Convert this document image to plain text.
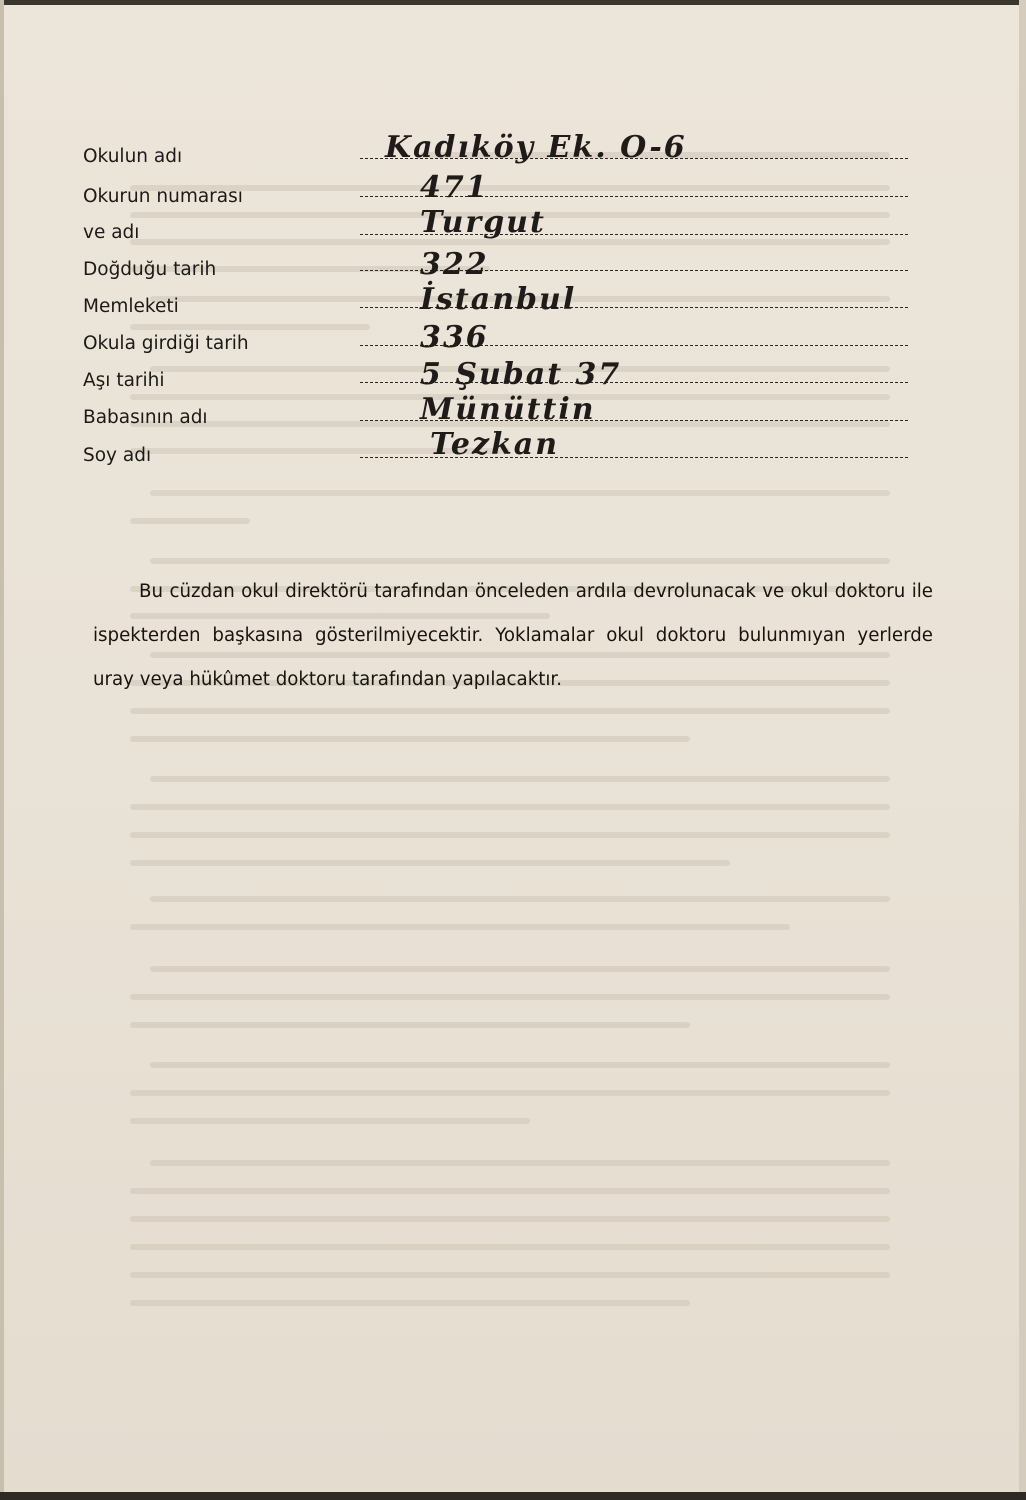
Okulun adı	Kadıköy Ek. O-6
Okurun numarası	471
ve adı	Turgut
Doğduğu tarih	322
Memleketi	İstanbul
Okula girdiği tarih	336
Aşı tarihi	5 Şubat 37
Babasının adı	Münüttin
Soy adı	Tezkan
Bu cüzdan okul direktörü tarafından önceleden ardıla devrolunacak ve okul doktoru ile ispekterden başkasına gösterilmiyecektir. Yoklamalar okul doktoru bulunmıyan yerlerde uray veya hükûmet doktoru tarafından yapılacaktır.
